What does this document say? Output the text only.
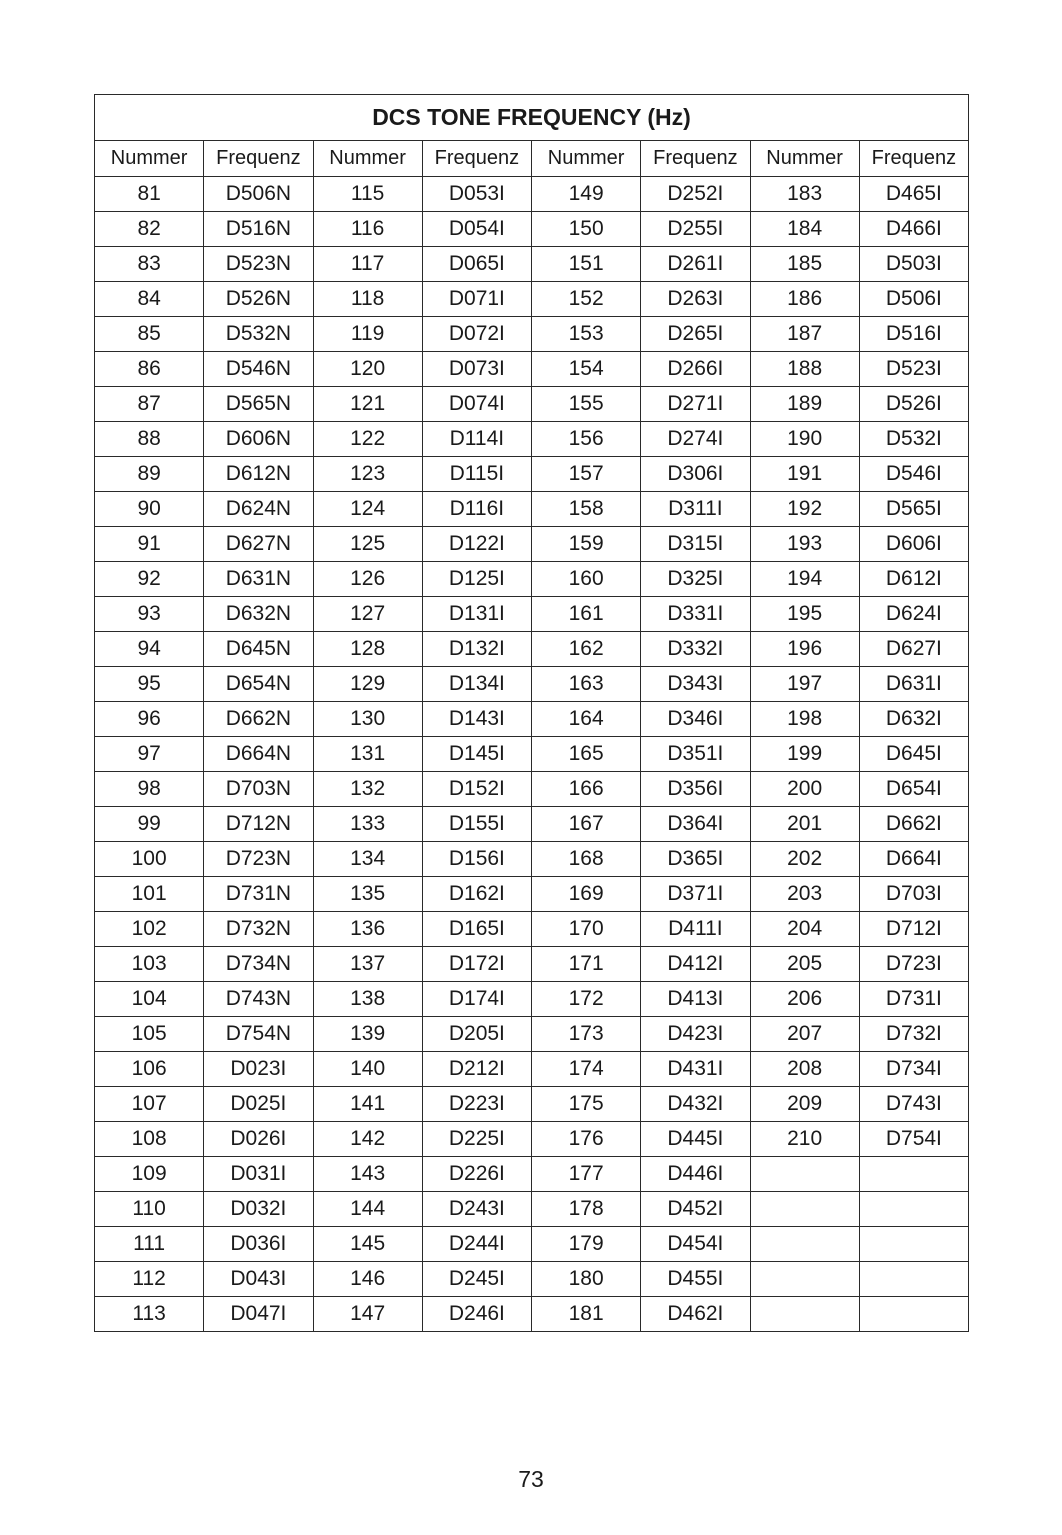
DCS TONE FREQUENCY (Hz)							
Nummer	Frequenz	Nummer	Frequenz	Nummer	Frequenz	Nummer	Frequenz
81	D506N	115	D053I	149	D252I	183	D465I
82	D516N	116	D054I	150	D255I	184	D466I
83	D523N	117	D065I	151	D261I	185	D503I
84	D526N	118	D071I	152	D263I	186	D506I
85	D532N	119	D072I	153	D265I	187	D516I
86	D546N	120	D073I	154	D266I	188	D523I
87	D565N	121	D074I	155	D271I	189	D526I
88	D606N	122	D114I	156	D274I	190	D532I
89	D612N	123	D115I	157	D306I	191	D546I
90	D624N	124	D116I	158	D311I	192	D565I
91	D627N	125	D122I	159	D315I	193	D606I
92	D631N	126	D125I	160	D325I	194	D612I
93	D632N	127	D131I	161	D331I	195	D624I
94	D645N	128	D132I	162	D332I	196	D627I
95	D654N	129	D134I	163	D343I	197	D631I
96	D662N	130	D143I	164	D346I	198	D632I
97	D664N	131	D145I	165	D351I	199	D645I
98	D703N	132	D152I	166	D356I	200	D654I
99	D712N	133	D155I	167	D364I	201	D662I
100	D723N	134	D156I	168	D365I	202	D664I
101	D731N	135	D162I	169	D371I	203	D703I
102	D732N	136	D165I	170	D411I	204	D712I
103	D734N	137	D172I	171	D412I	205	D723I
104	D743N	138	D174I	172	D413I	206	D731I
105	D754N	139	D205I	173	D423I	207	D732I
106	D023I	140	D212I	174	D431I	208	D734I
107	D025I	141	D223I	175	D432I	209	D743I
108	D026I	142	D225I	176	D445I	210	D754I
109	D031I	143	D226I	177	D446I		
110	D032I	144	D243I	178	D452I		
111	D036I	145	D244I	179	D454I		
112	D043I	146	D245I	180	D455I		
113	D047I	147	D246I	181	D462I		
73
